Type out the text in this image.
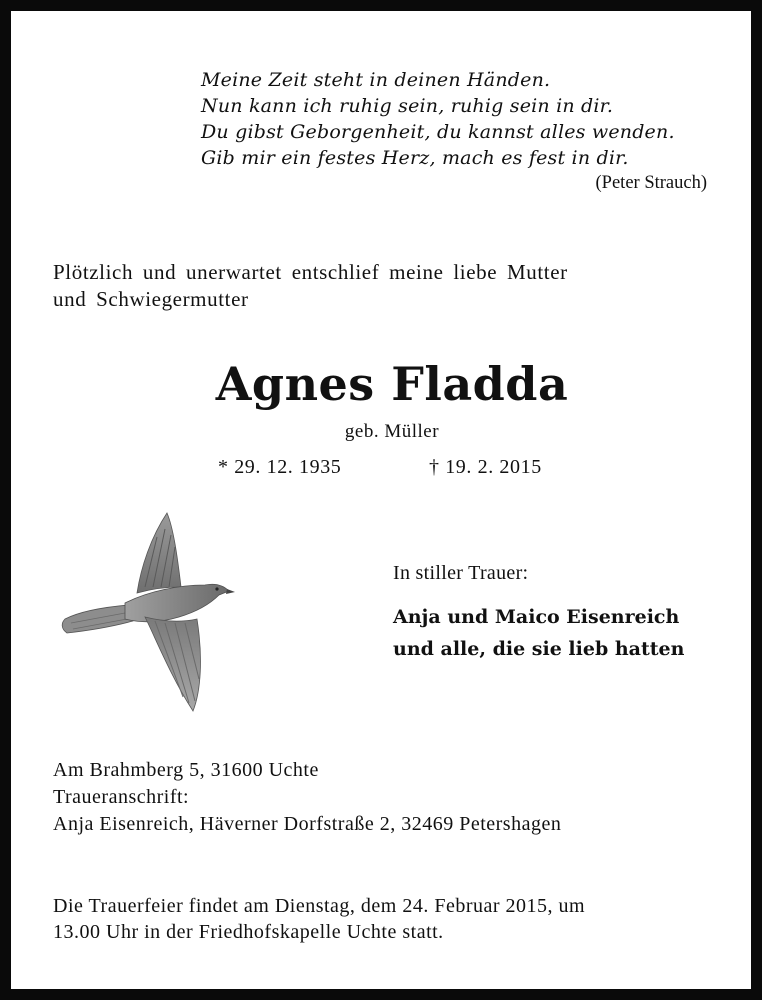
Meine Zeit steht in deinen Händen.
Nun kann ich ruhig sein, ruhig sein in dir.
Du gibst Geborgenheit, du kannst alles wenden.
Gib mir ein festes Herz, mach es fest in dir.
(Peter Strauch)
Plötzlich und unerwartet entschlief meine liebe Mutter
und Schwiegermutter
Agnes Fladda
geb. Müller
* 29. 12. 1935	† 19. 2. 2015
In stiller Trauer:
Anja und Maico Eisenreich
und alle, die sie lieb hatten
Am Brahmberg 5, 31600 Uchte
Traueranschrift:
Anja Eisenreich, Häverner Dorfstraße 2, 32469 Petershagen
Die Trauerfeier findet am Dienstag, dem 24. Februar 2015, um
13.00 Uhr in der Friedhofskapelle Uchte statt.
